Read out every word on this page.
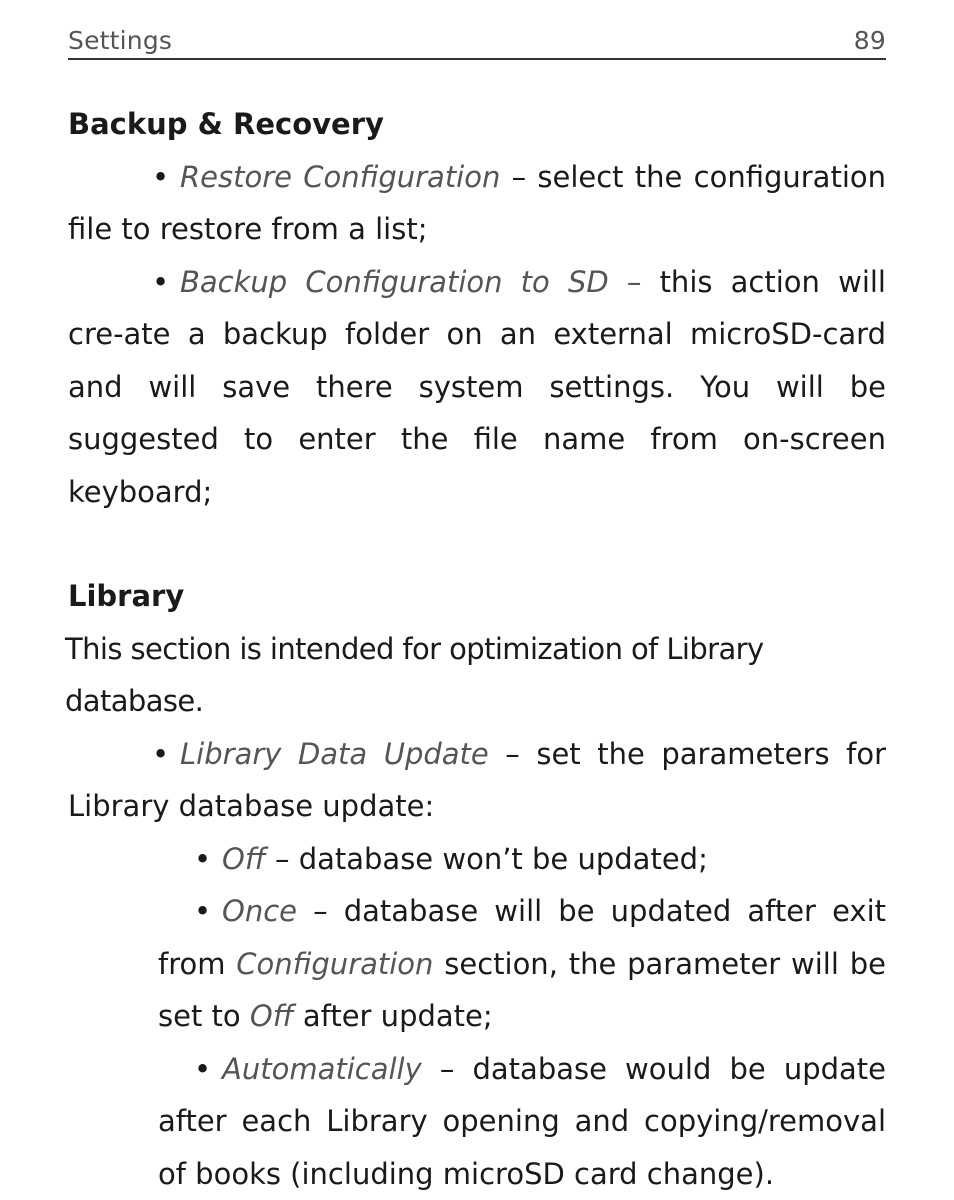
Settings	89
Backup & Recovery

• Restore Configuration – select the configuration file to restore from a list;

• Backup Configuration to SD – this action will cre-ate a backup folder on an external microSD-card and will save there system settings. You will be suggested to enter the file name from on-screen keyboard;

Library

This section is intended for optimization of Library database.

• Library Data Update – set the parameters for Library database update:

• Off – database won’t be updated;

• Once – database will be updated after exit from Configuration section, the parameter will be set to Off after update;

• Automatically – database would be update after each Library opening and copying/removal of books (including microSD card change).
